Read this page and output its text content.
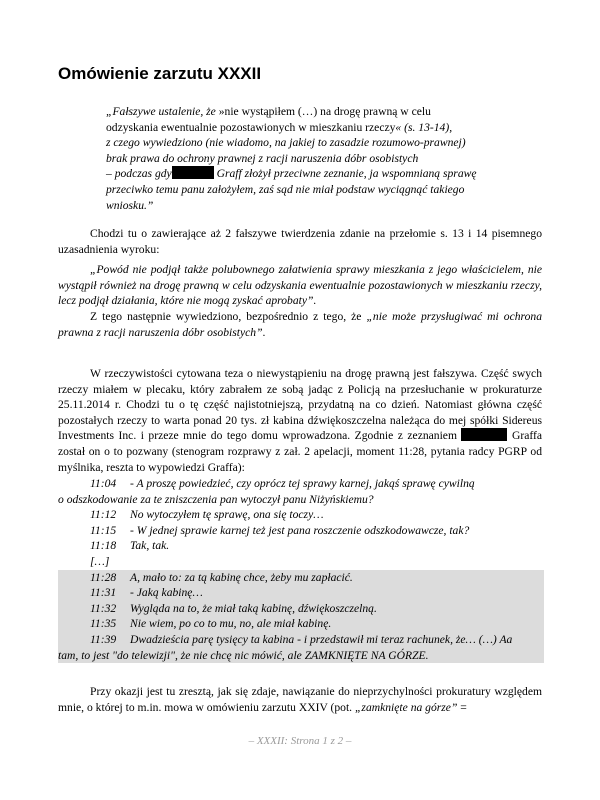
Omówienie zarzutu XXXII
„Fałszywe ustalenie, że »nie wystąpiłem (…) na drogę prawną w celu
odzyskania ewentualnie pozostawionych w mieszkaniu rzeczy« (s. 13-14),
z czego wywiedziono (nie wiadomo, na jakiej to zasadzie rozumowo-prawnej)
brak prawa do ochrony prawnej z racji naruszenia dóbr osobistych
– podczas gdy	Graff złożył przeciwne zeznanie, ja wspomnianą sprawę
przeciwko temu panu założyłem, zaś sąd nie miał podstaw wyciągnąć takiego
wniosku.”

Chodzi tu o zawierające aż 2 fałszywe twierdzenia zdanie na przełomie s. 13 i 14 pisemnego uzasadnienia wyroku:

„Powód nie podjął także polubownego załatwienia sprawy mieszkania z jego właścicielem, nie wystąpił również na drogę prawną w celu odzyskania ewentualnie pozostawionych w mieszkaniu rzeczy, lecz podjął działania, które nie mogą zyskać aprobaty”.

Z tego następnie wywiedziono, bezpośrednio z tego, że „nie może przysługiwać mi ochrona prawna z racji naruszenia dóbr osobistych”.

W rzeczywistości cytowana teza o niewystąpieniu na drogę prawną jest fałszywa. Część swych rzeczy miałem w plecaku, który zabrałem ze sobą jadąc z Policją na przesłuchanie w prokuraturze 25.11.2014 r. Chodzi tu o tę część najistotniejszą, przydatną na co dzień. Natomiast główna część pozostałych rzeczy to warta ponad 20 tys. zł kabina dźwiękoszczelna należąca do mej spółki Sidereus Investments Inc. i przeze mnie do tego domu wprowadzona. Zgodnie z zeznaniem	Graffa został on o to pozwany (stenogram rozprawy z zał. 2 apelacji, moment 11:28, pytania radcy PGRP od myślnika, reszta to wypowiedzi Graffa):

11:04 - A proszę powiedzieć, czy oprócz tej sprawy karnej, jakąś sprawę cywilną
o odszkodowanie za te zniszczenia pan wytoczył panu Niżyńskiemu?
11:12 No wytoczyłem tę sprawę, ona się toczy…
11:15 - W jednej sprawie karnej też jest pana roszczenie odszkodowawcze, tak?
11:18 Tak, tak.
[…]
11:28 A, mało to: za tą kabinę chce, żeby mu zapłacić.
11:31 - Jaką kabinę…
11:32 Wygląda na to, że miał taką kabinę, dźwiękoszczelną.
11:35 Nie wiem, po co to mu, no, ale miał kabinę.
11:39 Dwadzieścia parę tysięcy ta kabina - i przedstawił mi teraz rachunek, że… (…) Aa
tam, to jest "do telewizji", że nie chcę nic mówić, ale ZAMKNIĘTE NA GÓRZE.

Przy okazji jest tu zresztą, jak się zdaje, nawiązanie do nieprzychylności prokuratury względem mnie, o której to m.in. mowa w omówieniu zarzutu XXIV (pot. „zamknięte na górze” =

– XXXII: Strona 1 z 2 –
